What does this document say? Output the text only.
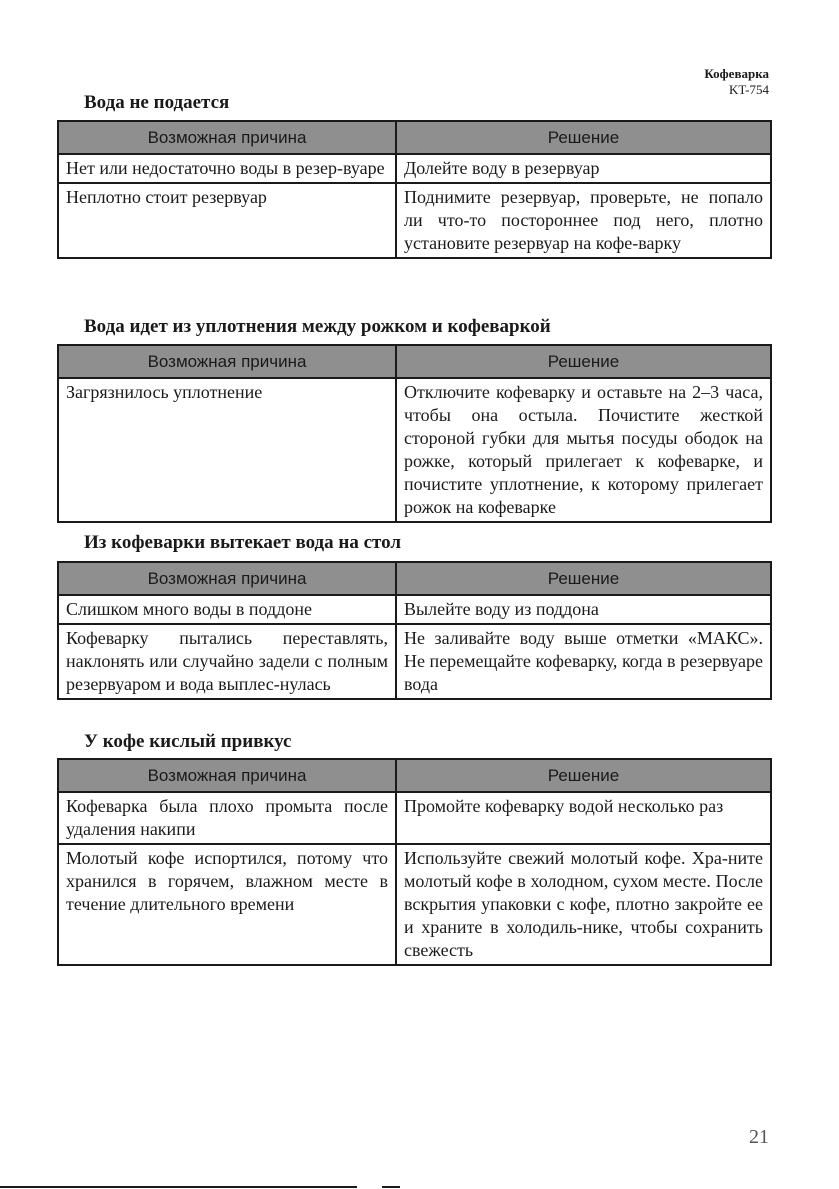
Кофеварка
KT-754
Вода не подается
Возможная причина	Решение
Нет или недостаточно воды в резер-вуаре	Долейте воду в резервуар
Неплотно стоит резервуар	Поднимите резервуар, проверьте, не попало ли что-то постороннее под него, плотно установите резервуар на кофе-варку
Вода идет из уплотнения между рожком и кофеваркой
Возможная причина	Решение
Загрязнилось уплотнение	Отключите кофеварку и оставьте на 2–3 часа, чтобы она остыла. Почистите жесткой стороной губки для мытья посуды ободок на рожке, который прилегает к кофеварке, и почистите уплотнение, к которому прилегает рожок на кофеварке
Из кофеварки вытекает вода на стол
Возможная причина	Решение
Слишком много воды в поддоне	Вылейте воду из поддона
Кофеварку пытались переставлять, наклонять или случайно задели с полным резервуаром и вода выплес-нулась	Не заливайте воду выше отметки «МАКС». Не перемещайте кофеварку, когда в резервуаре вода
У кофе кислый привкус
Возможная причина	Решение
Кофеварка была плохо промыта после удаления накипи	Промойте кофеварку водой несколько раз
Молотый кофе испортился, потому что хранился в горячем, влажном месте в течение длительного времени	Используйте свежий молотый кофе. Хра-ните молотый кофе в холодном, сухом месте. После вскрытия упаковки с кофе, плотно закройте ее и храните в холодиль-нике, чтобы сохранить свежесть
21
